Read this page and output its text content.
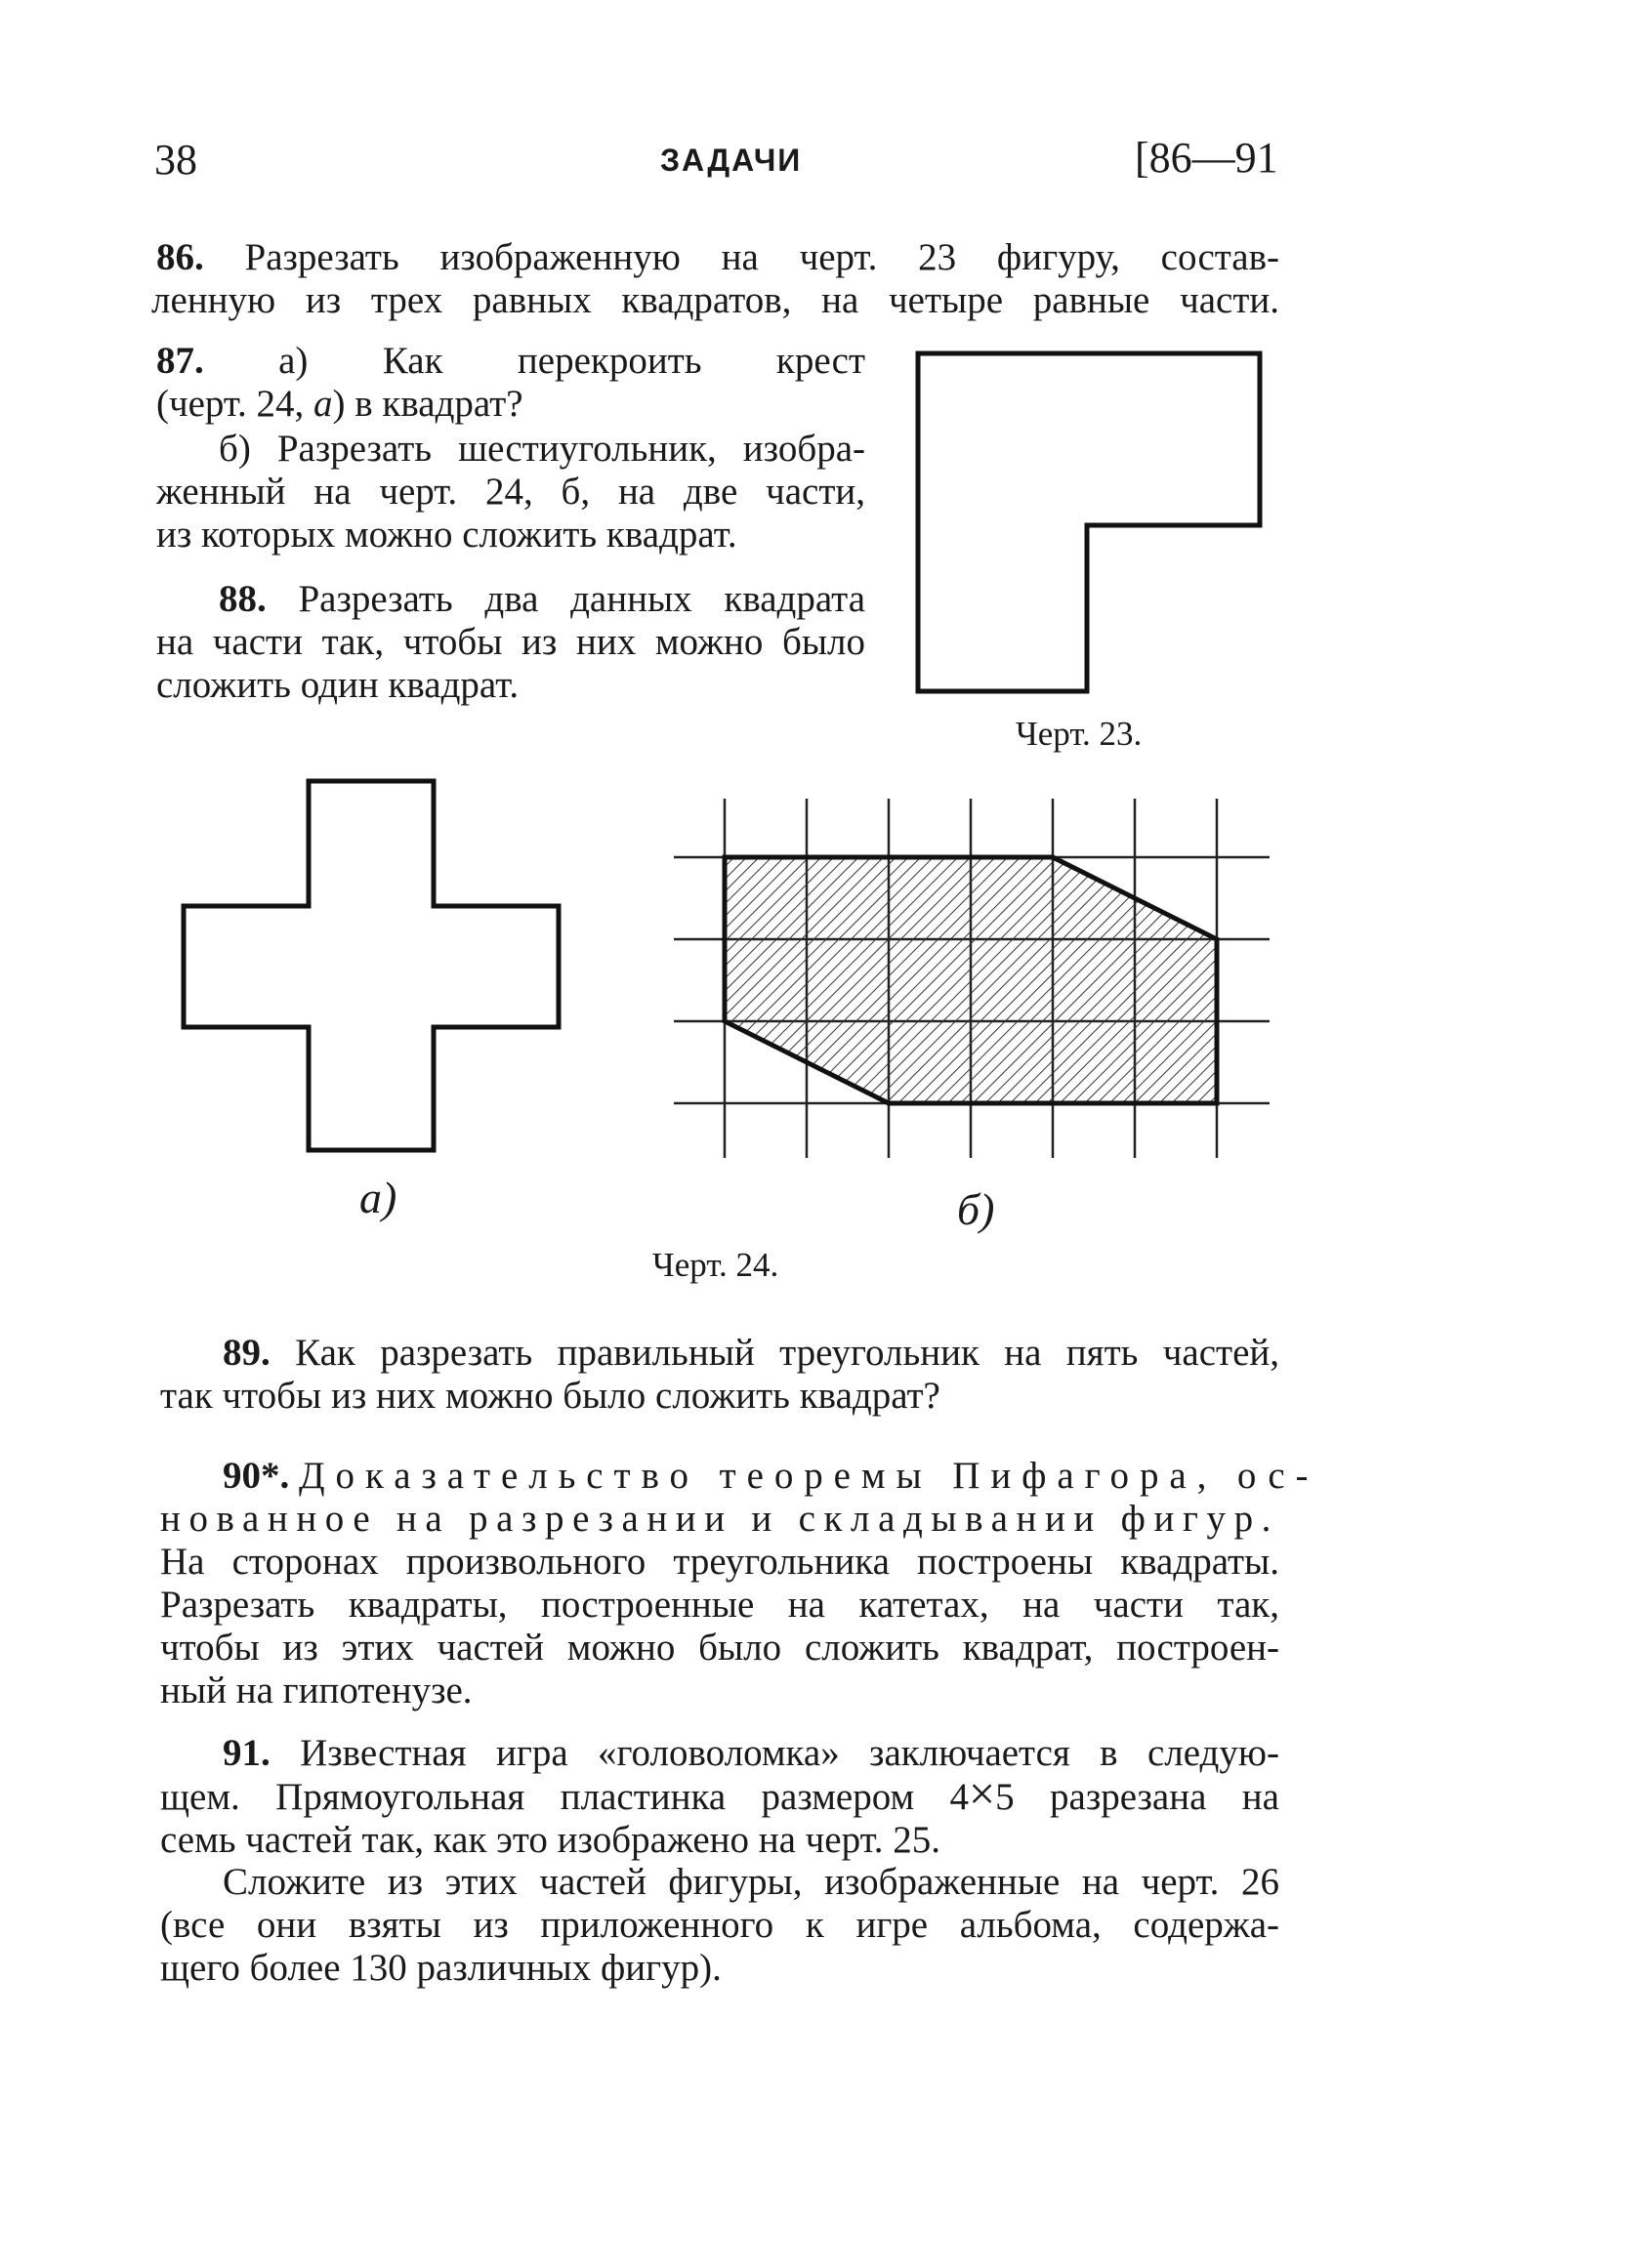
38	ЗАДАЧИ	[86—91
86. Разрезать изображенную на черт. 23 фигуру, состав-
ленную из трех равных квадратов, на четыре равные части.
87. а) Как перекроить крест
(черт. 24, а) в квадрат?
б) Разрезать шестиугольник, изобра-
женный на черт. 24, б, на две части,
из которых можно сложить квадрат.
88. Разрезать два данных квадрата
на части так, чтобы из них можно было
сложить один квадрат.
Черт. 23.
а)	б)
Черт. 24.
89. Как разрезать правильный треугольник на пять частей,
так чтобы из них можно было сложить квадрат?
90*. Доказательство теоремы Пифагора, ос-
нованное на разрезании и складывании фигур.
На сторонах произвольного треугольника построены квадраты.
Разрезать квадраты, построенные на катетах, на части так,
чтобы из этих частей можно было сложить квадрат, построен-
ный на гипотенузе.
91. Известная игра «головоломка» заключается в следую-
щем. Прямоугольная пластинка размером 4×5 разрезана на
семь частей так, как это изображено на черт. 25.
Сложите из этих частей фигуры, изображенные на черт. 26
(все они взяты из приложенного к игре альбома, содержа-
щего более 130 различных фигур).
